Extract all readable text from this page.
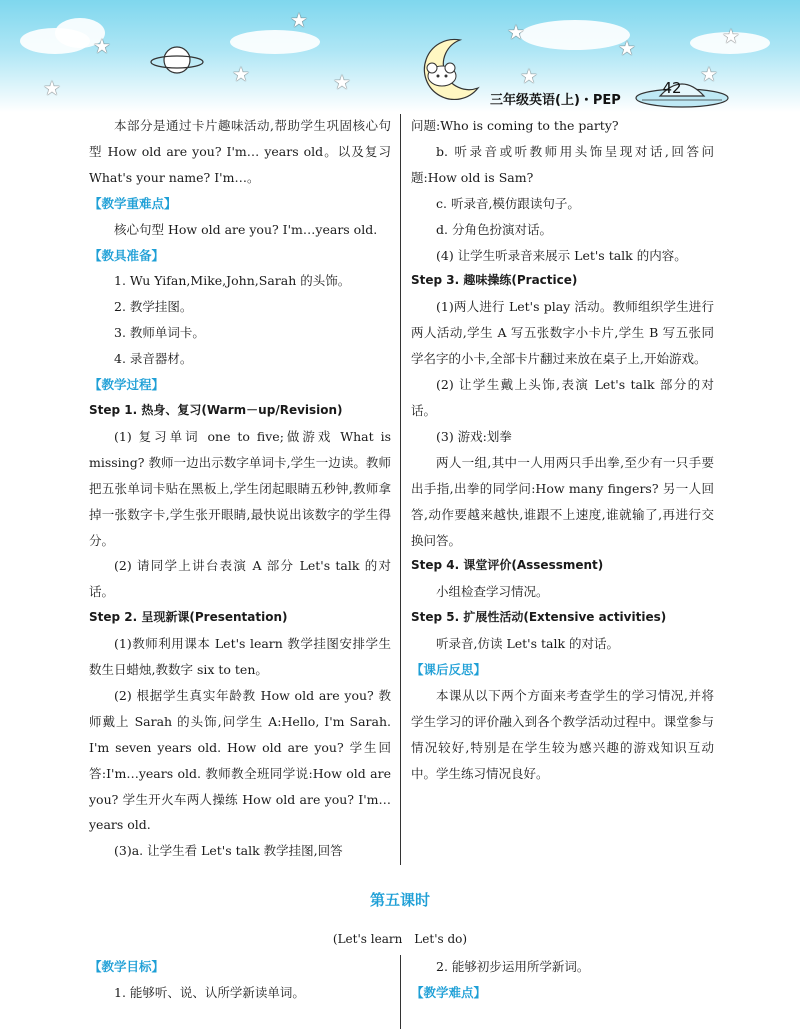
★
★
★
★
★
★
★
★	★
★
三年级英语(上)・PEP
42

本部分是通过卡片趣味活动,帮助学生巩固核心句型 How old are you? I'm… years old。以及复习 What's your name? I'm…。

【教学重难点】

核心句型 How old are you? I'm…years old.

【教具准备】

1. Wu Yifan,Mike,John,Sarah 的头饰。

2. 教学挂图。

3. 教师单词卡。

4. 录音器材。

【教学过程】

Step 1. 热身、复习(Warm－up/Revision)

(1) 复习单词 one to five;做游戏 What is missing? 教师一边出示数字单词卡,学生一边读。教师把五张单词卡贴在黑板上,学生闭起眼睛五秒钟,教师拿掉一张数字卡,学生张开眼睛,最快说出该数字的学生得分。

(2) 请同学上讲台表演 A 部分 Let's talk 的对话。

Step 2. 呈现新课(Presentation)

(1)教师利用课本 Let's learn 教学挂图安排学生数生日蜡烛,教数字 six to ten。

(2) 根据学生真实年龄教 How old are you? 教师戴上 Sarah 的头饰,问学生 A:Hello, I'm Sarah. I'm seven years old. How old are you? 学生回答:I'm…years old. 教师教全班同学说:How old are you? 学生开火车两人操练 How old are you? I'm…years old.

(3)a. 让学生看 Let's talk 教学挂图,回答

问题:Who is coming to the party?

b. 听录音或听教师用头饰呈现对话,回答问题:How old is Sam?

c. 听录音,模仿跟读句子。

d. 分角色扮演对话。

(4) 让学生听录音来展示 Let's talk 的内容。

Step 3. 趣味操练(Practice)

(1)两人进行 Let's play 活动。教师组织学生进行两人活动,学生 A 写五张数字小卡片,学生 B 写五张同学名字的小卡,全部卡片翻过来放在桌子上,开始游戏。

(2) 让学生戴上头饰,表演 Let's talk 部分的对话。

(3) 游戏:划拳

两人一组,其中一人用两只手出拳,至少有一只手要出手指,出拳的同学问:How many fingers? 另一人回答,动作要越来越快,谁跟不上速度,谁就输了,再进行交换问答。

Step 4. 课堂评价(Assessment)

小组检查学习情况。

Step 5. 扩展性活动(Extensive activities)

听录音,仿读 Let's talk 的对话。

【课后反思】

本课从以下两个方面来考查学生的学习情况,并将学生学习的评价融入到各个教学活动过程中。课堂参与情况较好,特别是在学生较为感兴趣的游戏知识互动中。学生练习情况良好。

第五课时
(Let's learn　Let's do)

【教学目标】

1. 能够听、说、认所学新读单词。

2. 能够初步运用所学新词。

【教学难点】
